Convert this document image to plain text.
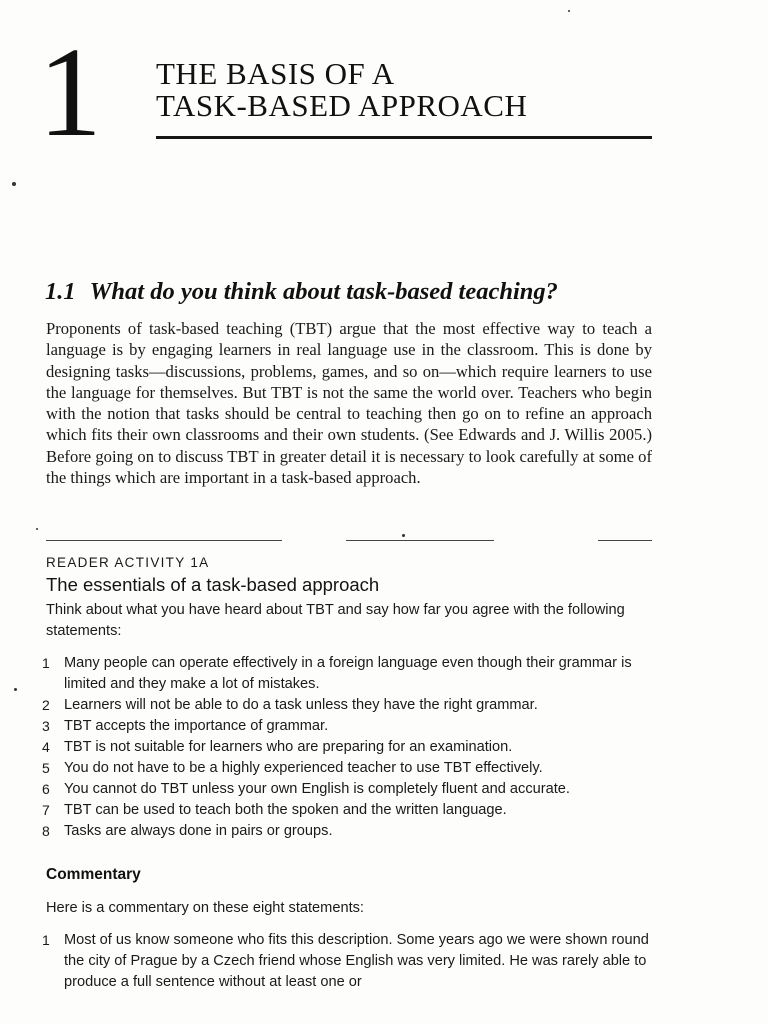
1 THE BASIS OF A
TASK-BASED APPROACH
1.1 What do you think about task-based teaching?
Proponents of task-based teaching (TBT) argue that the most effective way to teach a language is by engaging learners in real language use in the classroom. This is done by designing tasks—discussions, problems, games, and so on—which require learners to use the language for themselves. But TBT is not the same the world over. Teachers who begin with the notion that tasks should be central to teaching then go on to refine an approach which fits their own classrooms and their own students. (See Edwards and J. Willis 2005.) Before going on to discuss TBT in greater detail it is necessary to look carefully at some of the things which are important in a task-based approach.
READER ACTIVITY 1A
The essentials of a task-based approach
Think about what you have heard about TBT and say how far you agree with the following statements:
1 Many people can operate effectively in a foreign language even though their grammar is limited and they make a lot of mistakes.
2 Learners will not be able to do a task unless they have the right grammar.
3 TBT accepts the importance of grammar.
4 TBT is not suitable for learners who are preparing for an examination.
5 You do not have to be a highly experienced teacher to use TBT effectively.
6 You cannot do TBT unless your own English is completely fluent and accurate.
7 TBT can be used to teach both the spoken and the written language.
8 Tasks are always done in pairs or groups.
Commentary
Here is a commentary on these eight statements:
1 Most of us know someone who fits this description. Some years ago we were shown round the city of Prague by a Czech friend whose English was very limited. He was rarely able to produce a full sentence without at least one or
